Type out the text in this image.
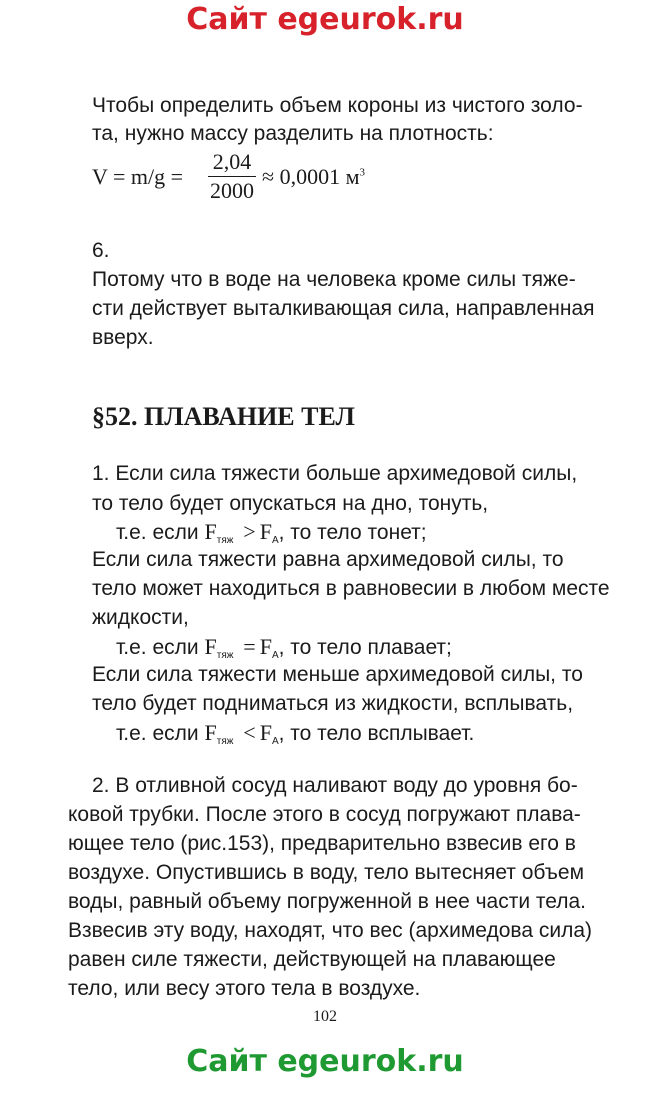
Сайт egeurok.ru
Чтобы определить объем короны из чистого золо-
та, нужно массу разделить на плотность:
V = m/g =
2,04
2000
≈ 0,0001 $м^3$
6.
Потому что в воде на человека кроме силы тяже-
сти действует выталкивающая сила, направленная
вверх.
§52. ПЛАВАНИЕ ТЕЛ
1. Если сила тяжести больше архимедовой силы,
то тело будет опускаться на дно, тонуть,
т.е. если $F_{тяж} > F_A$, то тело тонет;
Если сила тяжести равна архимедовой силы, то
тело может находиться в равновесии в любом месте
жидкости,
т.е. если $F_{тяж} = F_A$, то тело плавает;
Если сила тяжести меньше архимедовой силы, то
тело будет подниматься из жидкости, всплывать,
т.е. если $F_{тяж} < F_A$, то тело всплывает.
2. В отливной сосуд наливают воду до уровня бо-
ковой трубки. После этого в сосуд погружают плава-
ющее тело (рис.153), предварительно взвесив его в
воздухе. Опустившись в воду, тело вытесняет объем
воды, равный объему погруженной в нее части тела.
Взвесив эту воду, находят, что вес (архимедова сила)
равен силе тяжести, действующей на плавающее
тело, или весу этого тела в воздухе.
102
Сайт egeurok.ru
